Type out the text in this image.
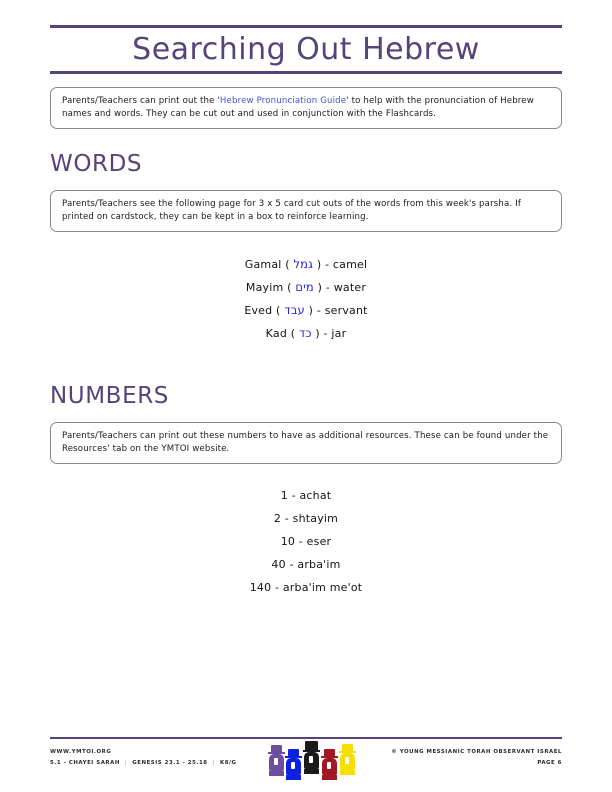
Searching Out Hebrew

Parents/Teachers can print out the 'Hebrew Pronunciation Guide' to help with the pronunciation of Hebrew names and words. They can be cut out and used in conjunction with the Flashcards.

WORDS

Parents/Teachers see the following page for 3 x 5 card cut outs of the words from this week's parsha. If printed on cardstock, they can be kept in a box to reinforce learning.

Gamal ( גמל ) - camel
Mayim ( מים ) - water
Eved ( עבד ) - servant
Kad ( כד ) - jar
NUMBERS

Parents/Teachers can print out these numbers to have as additional resources. These can be found under the Resources' tab on the YMTOI website.

1 - achat
2 - shtayim
10 - eser
40 - arba'im
140 - arba'im me'ot
WWW.YMTOI.ORG
5.1 - CHAYEI SARAH | GENESIS 23.1 - 25.18 | K8/G
© YOUNG MESSIANIC TORAH OBSERVANT ISRAEL
PAGE 6
